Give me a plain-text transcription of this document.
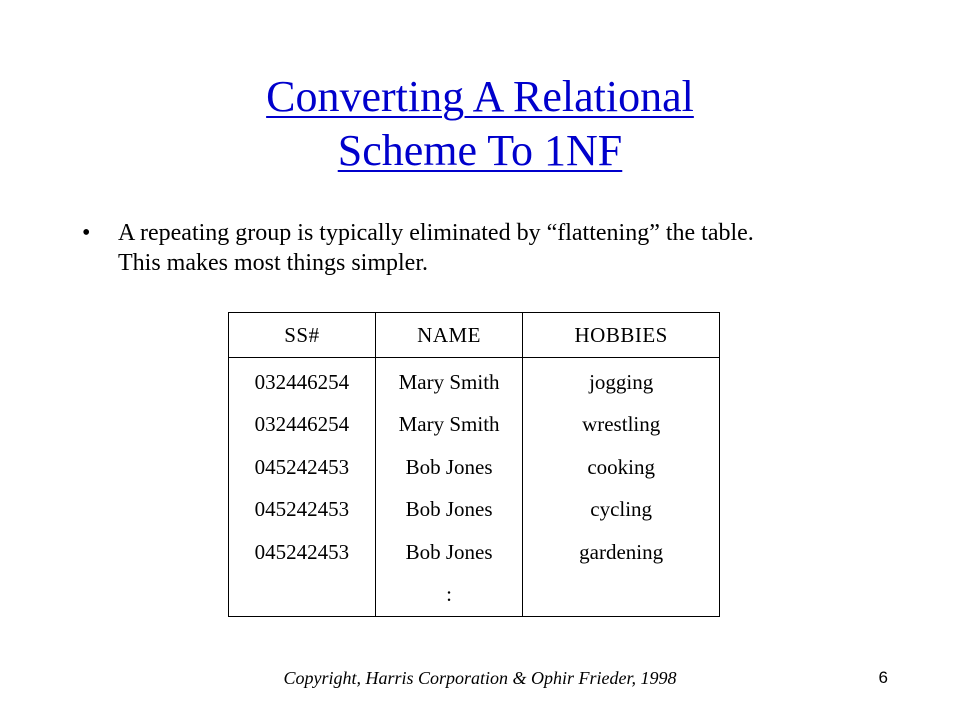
Converting A Relational
Scheme To 1NF
• A repeating group is typically eliminated by “flattening” the table.
This makes most things simpler.
SS#	NAME	HOBBIES
032446254	Mary Smith	jogging
032446254	Mary Smith	wrestling
045242453	Bob Jones	cooking
045242453	Bob Jones	cycling
045242453	Bob Jones	gardening
	:	
Copyright, Harris Corporation & Ophir Frieder, 1998	6
